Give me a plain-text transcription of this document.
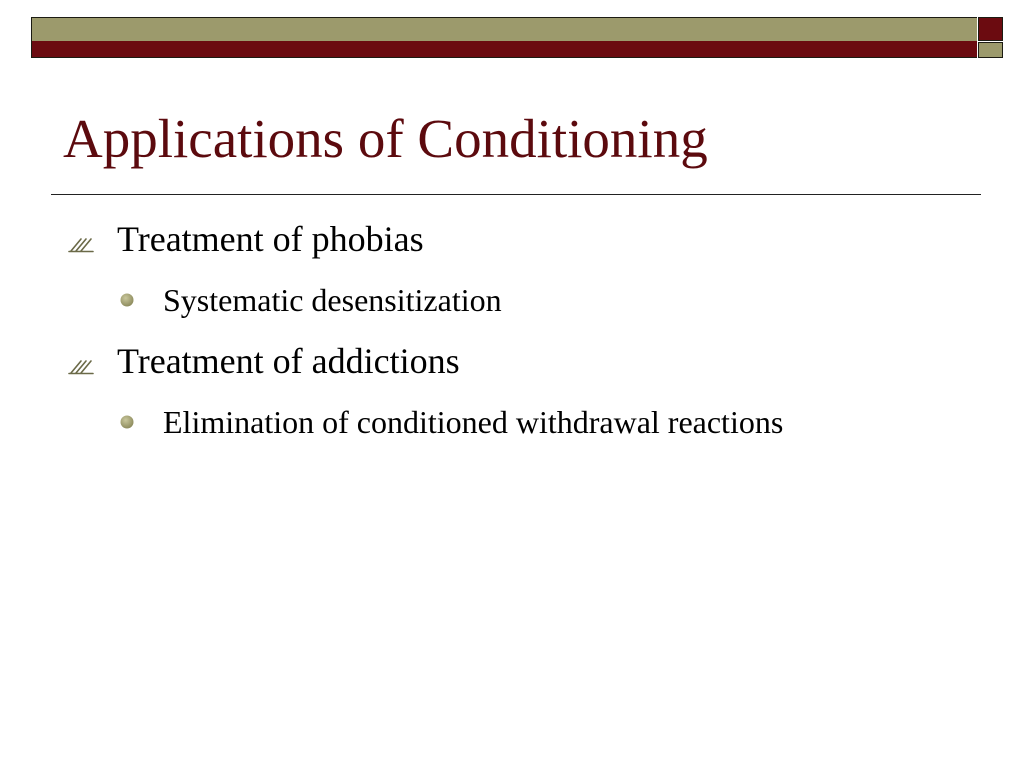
Applications of Conditioning
Treatment of phobias
Systematic desensitization
Treatment of addictions
Elimination of conditioned withdrawal reactions
